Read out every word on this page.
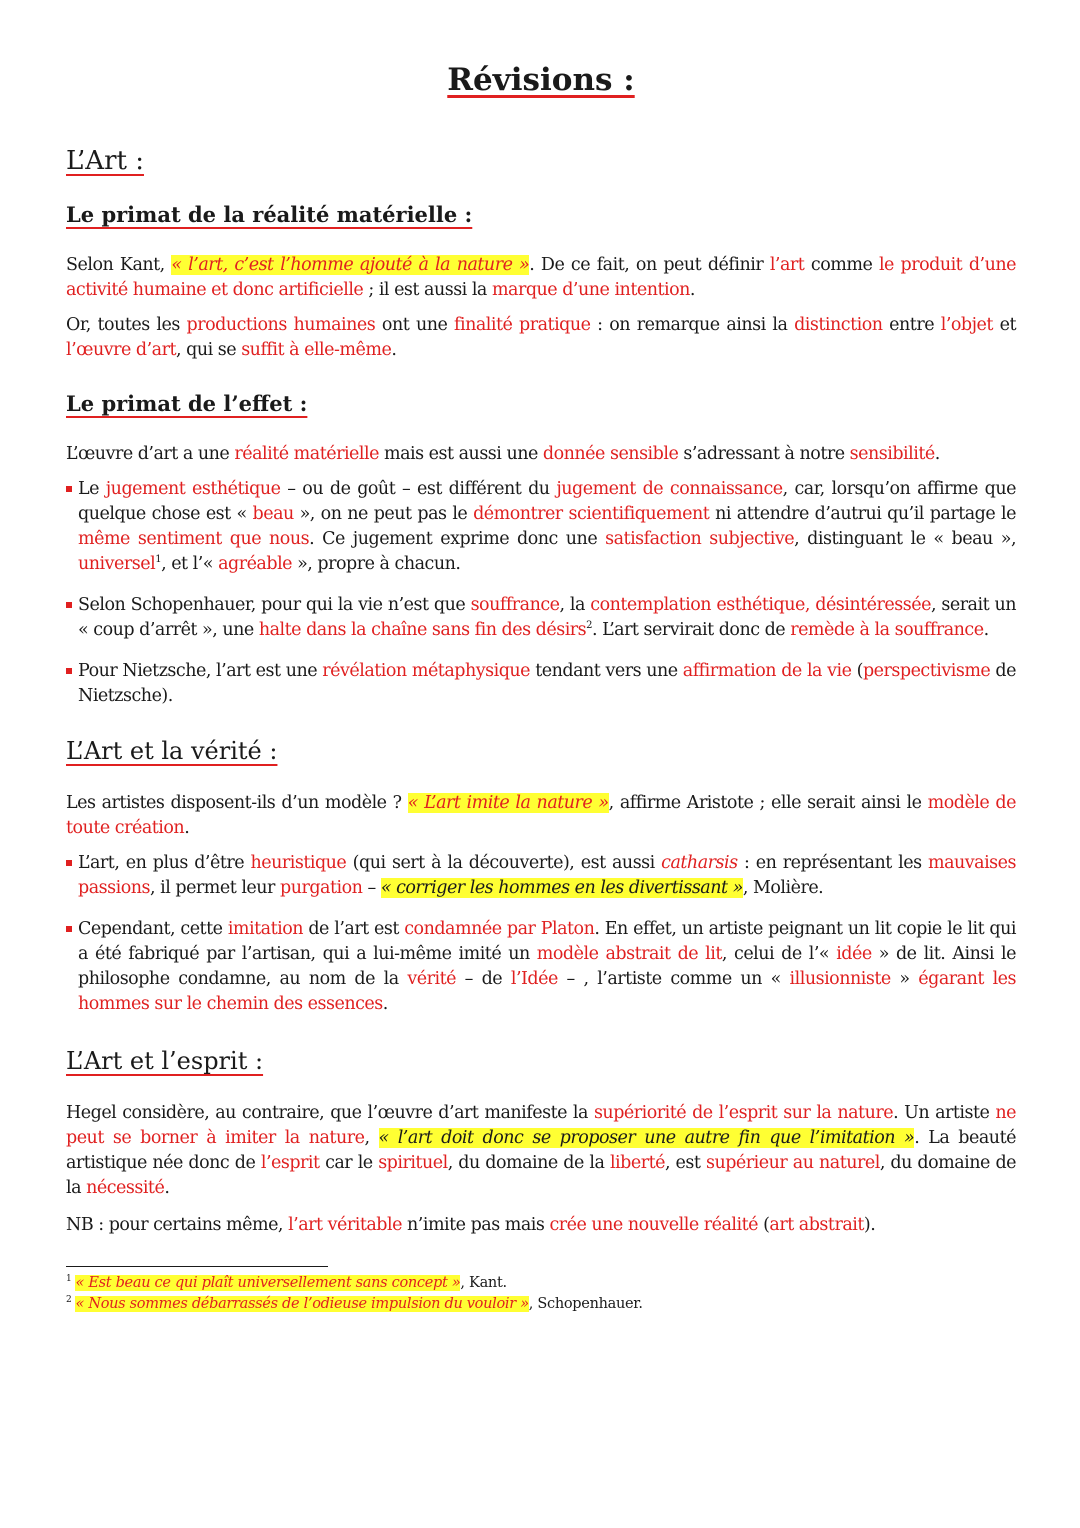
Révisions :
L’Art :
Le primat de la réalité matérielle :

Selon Kant, « l’art, c’est l’homme ajouté à la nature ». De ce fait, on peut définir l’art comme le produit d’une activité humaine et donc artificielle ; il est aussi la marque d’une intention.

Or, toutes les productions humaines ont une finalité pratique : on remarque ainsi la distinction entre l’objet et l’œuvre d’art, qui se suffit à elle-même.

Le primat de l’effet :

L’œuvre d’art a une réalité matérielle mais est aussi une donnée sensible s’adressant à notre sensibilité.

Le jugement esthétique – ou de goût – est différent du jugement de connaissance, car, lorsqu’on affirme que quelque chose est « beau », on ne peut pas le démontrer scientifiquement ni attendre d’autrui qu’il partage le même sentiment que nous. Ce jugement exprime donc une satisfaction subjective, distinguant le « beau », universel$^1$, et l’« agréable », propre à chacun.
Selon Schopenhauer, pour qui la vie n’est que souffrance, la contemplation esthétique, désintéressée, serait un « coup d’arrêt », une halte dans la chaîne sans fin des désirs$^2$. L’art servirait donc de remède à la souffrance.
Pour Nietzsche, l’art est une révélation métaphysique tendant vers une affirmation de la vie (perspectivisme de Nietzsche).
L’Art et la vérité :

Les artistes disposent-ils d’un modèle ? « L’art imite la nature », affirme Aristote ; elle serait ainsi le modèle de toute création.

L’art, en plus d’être heuristique (qui sert à la découverte), est aussi catharsis : en représentant les mauvaises passions, il permet leur purgation – « corriger les hommes en les divertissant », Molière.
Cependant, cette imitation de l’art est condamnée par Platon. En effet, un artiste peignant un lit copie le lit qui a été fabriqué par l’artisan, qui a lui-même imité un modèle abstrait de lit, celui de l’« idée » de lit. Ainsi le philosophe condamne, au nom de la vérité – de l’Idée – , l’artiste comme un « illusionniste » égarant les hommes sur le chemin des essences.
L’Art et l’esprit :

Hegel considère, au contraire, que l’œuvre d’art manifeste la supériorité de l’esprit sur la nature. Un artiste ne peut se borner à imiter la nature, « l’art doit donc se proposer une autre fin que l’imitation ». La beauté artistique née donc de l’esprit car le spirituel, du domaine de la liberté, est supérieur au naturel, du domaine de la nécessité.

NB : pour certains même, l’art véritable n’imite pas mais crée une nouvelle réalité (art abstrait).

$^1$ « Est beau ce qui plaît universellement sans concept », Kant.
$^2$ « Nous sommes débarrassés de l’odieuse impulsion du vouloir », Schopenhauer.
